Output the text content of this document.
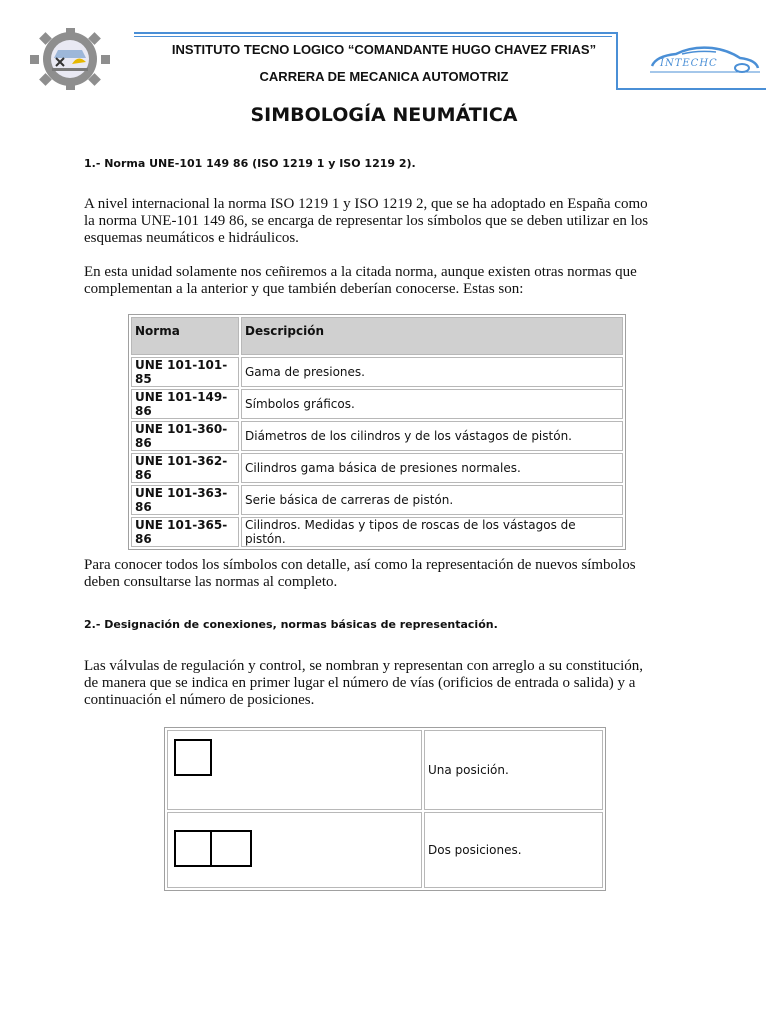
INSTITUTO TECNO LOGICO “COMANDANTE HUGO CHAVEZ FRIAS”
CARRERA DE MECANICA AUTOMOTRIZ
INTECHC
SIMBOLOGÍA NEUMÁTICA
1.- Norma UNE-101 149 86 (ISO 1219 1 y ISO 1219 2).
A nivel internacional la norma ISO 1219 1 y ISO 1219 2, que se ha adoptado en España como
la norma UNE-101 149 86, se encarga de representar los símbolos que se deben utilizar en los
esquemas neumáticos e hidráulicos.
En esta unidad solamente nos ceñiremos a la citada norma, aunque existen otras normas que
complementan a la anterior y que también deberían conocerse. Estas son:
Norma	Descripción
UNE 101-101-85	Gama de presiones.
UNE 101-149-86	Símbolos gráficos.
UNE 101-360-86	Diámetros de los cilindros y de los vástagos de pistón.
UNE 101-362-86	Cilindros gama básica de presiones normales.
UNE 101-363-86	Serie básica de carreras de pistón.
UNE 101-365-86	Cilindros. Medidas y tipos de roscas de los vástagos de pistón.
Para conocer todos los símbolos con detalle, así como la representación de nuevos símbolos
deben consultarse las normas al completo.
2.- Designación de conexiones, normas básicas de representación.
Las válvulas de regulación y control, se nombran y representan con arreglo a su constitución,
de manera que se indica en primer lugar el número de vías (orificios de entrada o salida) y a
continuación el número de posiciones.
	Una posición.

	Dos posiciones.
